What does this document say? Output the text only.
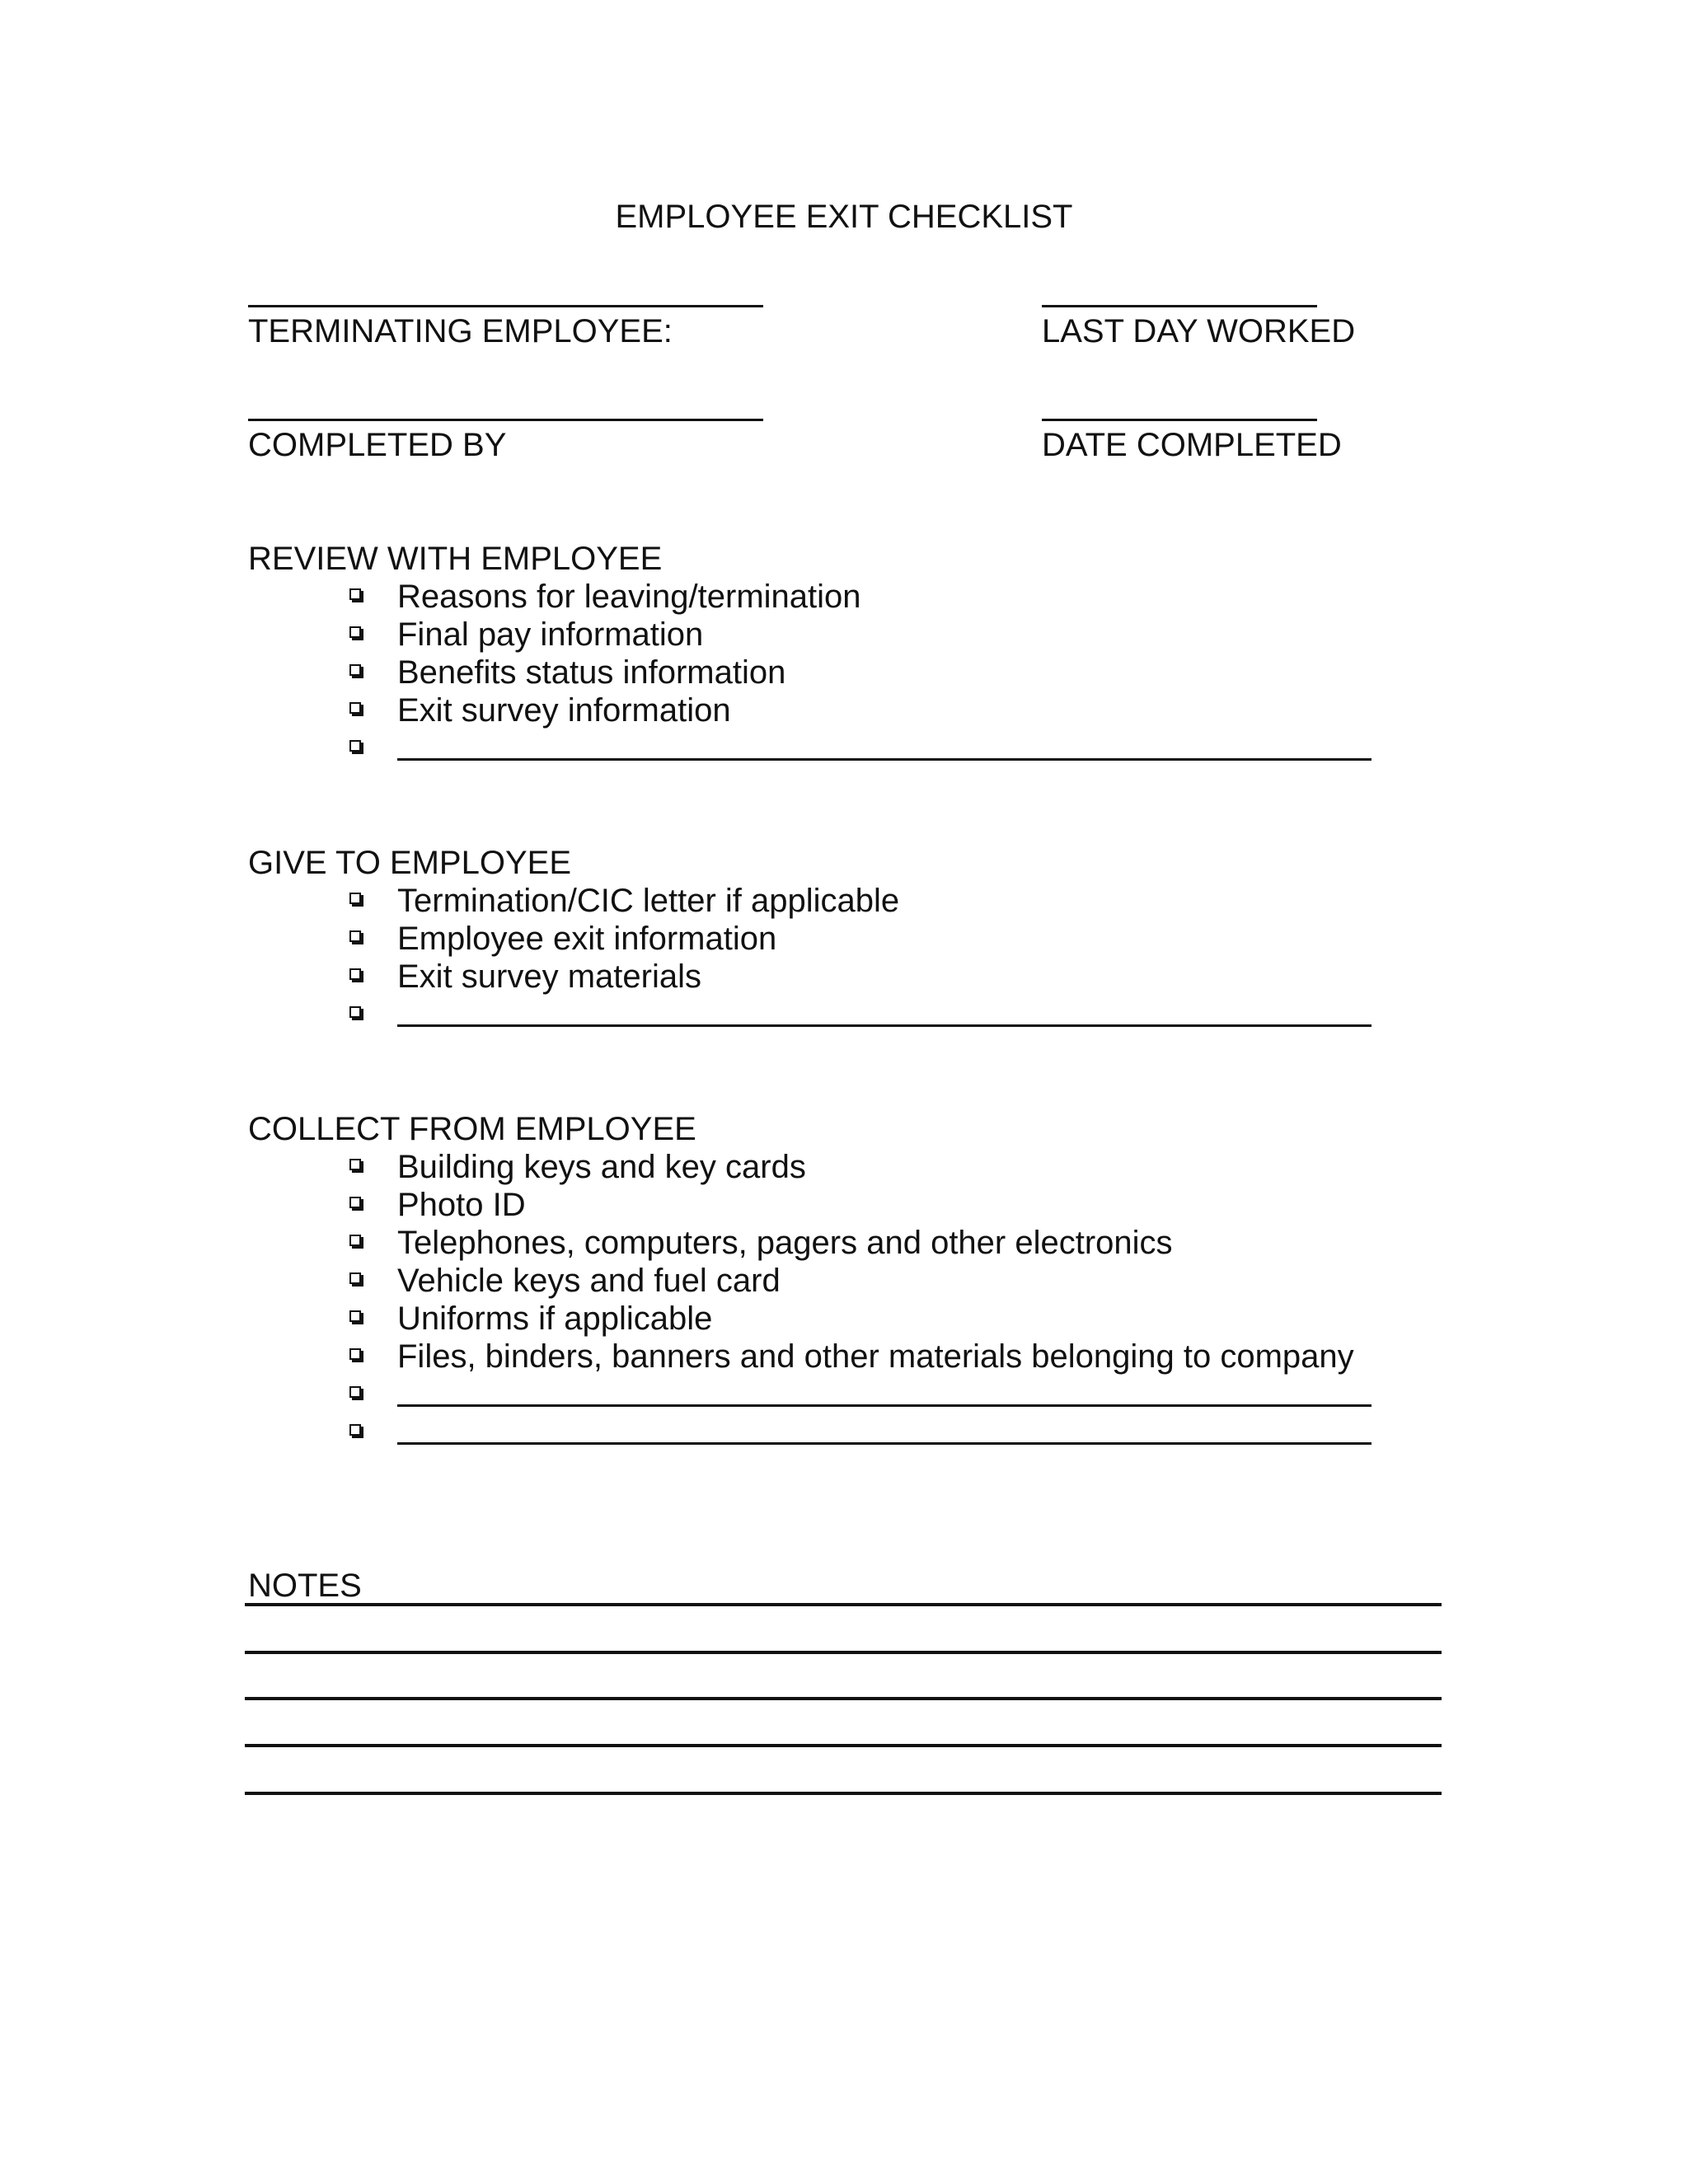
EMPLOYEE EXIT CHECKLIST
TERMINATING EMPLOYEE:	LAST DAY WORKED
COMPLETED BY	DATE COMPLETED
REVIEW WITH EMPLOYEE
Reasons for leaving/termination
Final pay information
Benefits status information
Exit survey information
GIVE TO EMPLOYEE
Termination/CIC letter if applicable
Employee exit information
Exit survey materials
COLLECT FROM EMPLOYEE
Building keys and key cards
Photo ID
Telephones, computers, pagers and other electronics
Vehicle keys and fuel card
Uniforms if applicable
Files, binders, banners and other materials belonging to company
NOTES
